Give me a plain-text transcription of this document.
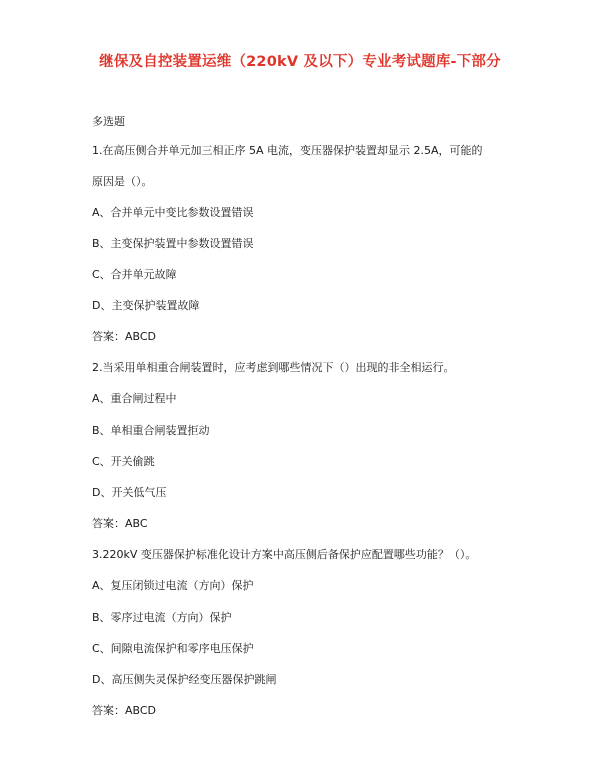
继保及自控装置运维（220kV 及以下）专业考试题库-下部分
多选题
1.在高压侧合并单元加三相正序 5A 电流，变压器保护装置却显示 2.5A，可能的
原因是（）。
A、合并单元中变比参数设置错误
B、主变保护装置中参数设置错误
C、合并单元故障
D、主变保护装置故障
答案：ABCD
2.当采用单相重合闸装置时，应考虑到哪些情况下（）出现的非全相运行。
A、重合闸过程中
B、单相重合闸装置拒动
C、开关偷跳
D、开关低气压
答案：ABC
3.220kV 变压器保护标准化设计方案中高压侧后备保护应配置哪些功能？（）。
A、复压闭锁过电流（方向）保护
B、零序过电流（方向）保护
C、间隙电流保护和零序电压保护
D、高压侧失灵保护经变压器保护跳闸
答案：ABCD
